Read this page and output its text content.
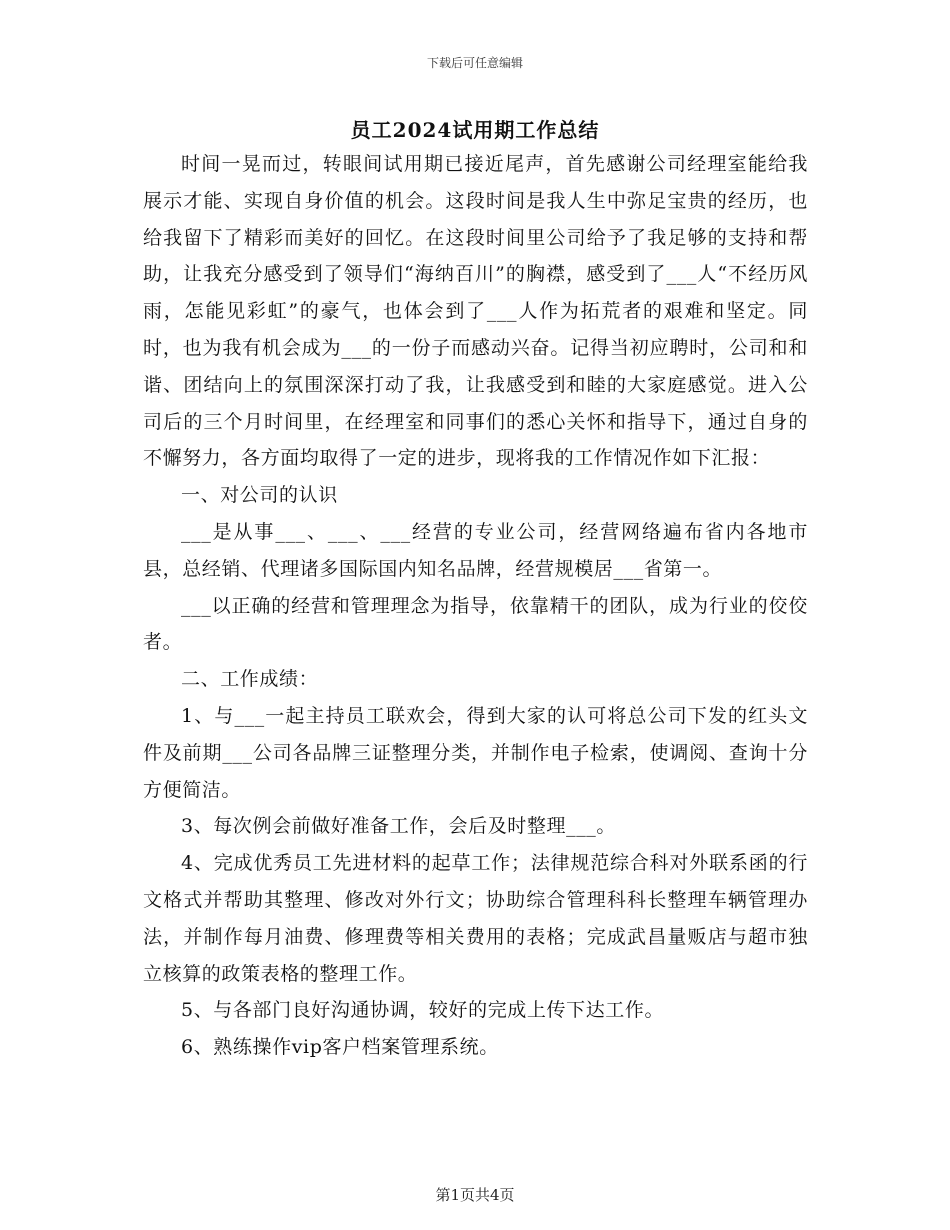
下载后可任意编辑
员工2024试用期工作总结

时间一晃而过，转眼间试用期已接近尾声，首先感谢公司经理室能给我展示才能、实现自身价值的机会。这段时间是我人生中弥足宝贵的经历，也给我留下了精彩而美好的回忆。在这段时间里公司给予了我足够的支持和帮助，让我充分感受到了领导们“海纳百川”的胸襟，感受到了___人“不经历风雨，怎能见彩虹”的豪气，也体会到了___人作为拓荒者的艰难和坚定。同时，也为我有机会成为___的一份子而感动兴奋。记得当初应聘时，公司和和谐、团结向上的氛围深深打动了我，让我感受到和睦的大家庭感觉。进入公司后的三个月时间里，在经理室和同事们的悉心关怀和指导下，通过自身的不懈努力，各方面均取得了一定的进步，现将我的工作情况作如下汇报：

一、对公司的认识

___是从事___、___、___经营的专业公司，经营网络遍布省内各地市县，总经销、代理诸多国际国内知名品牌，经营规模居___省第一。

___以正确的经营和管理理念为指导，依靠精干的团队，成为行业的佼佼者。

二、工作成绩：

1、与___一起主持员工联欢会，得到大家的认可将总公司下发的红头文件及前期___公司各品牌三证整理分类，并制作电子检索，使调阅、查询十分方便简洁。

3、每次例会前做好准备工作，会后及时整理___。

4、完成优秀员工先进材料的起草工作；法律规范综合科对外联系函的行文格式并帮助其整理、修改对外行文；协助综合管理科科长整理车辆管理办法，并制作每月油费、修理费等相关费用的表格；完成武昌量贩店与超市独立核算的政策表格的整理工作。

5、与各部门良好沟通协调，较好的完成上传下达工作。

6、熟练操作vip客户档案管理系统。

第1页共4页
